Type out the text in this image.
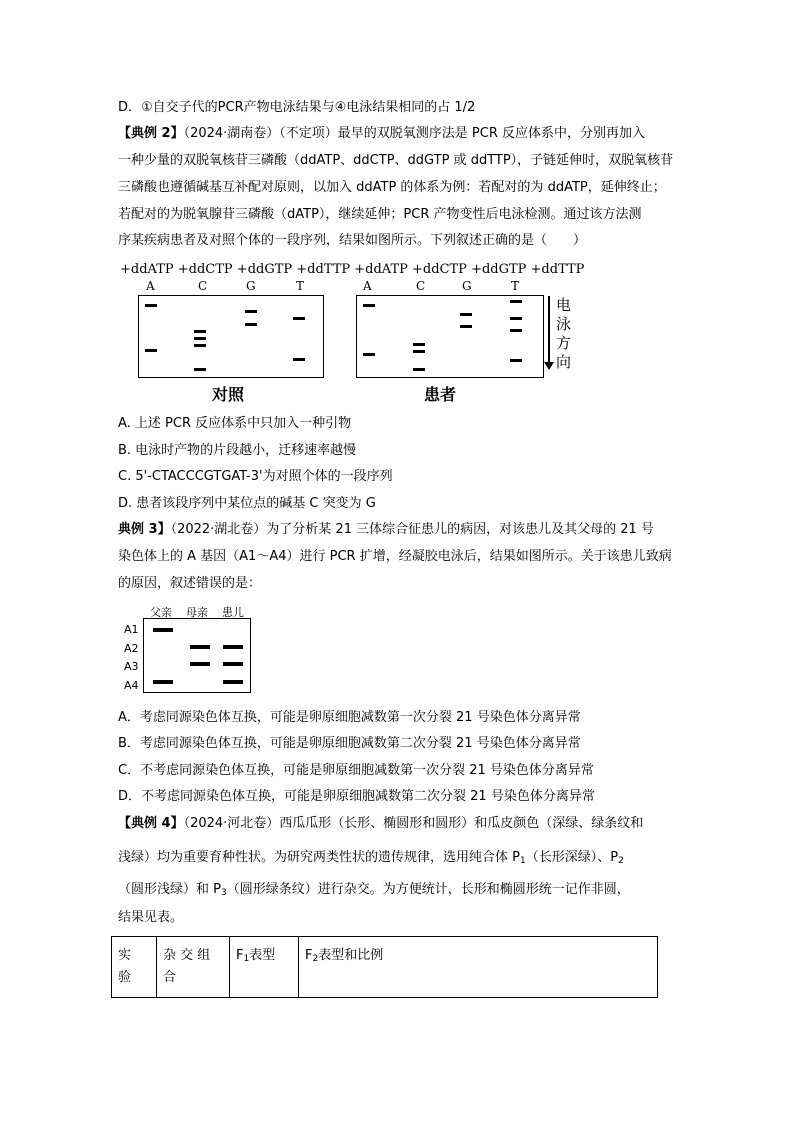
D．①自交子代的PCR产物电泳结果与④电泳结果相同的占 1/2
【典例 2】（2024·湖南卷）（不定项）最早的双脱氧测序法是 PCR 反应体系中，分别再加入
一种少量的双脱氧核苷三磷酸（ddATP、ddCTP、ddGTP 或 ddTTP），子链延伸时，双脱氧核苷
三磷酸也遵循碱基互补配对原则，以加入 ddATP 的体系为例：若配对的为 ddATP，延伸终止；
若配对的为脱氧腺苷三磷酸（dATP），继续延伸；PCR 产物变性后电泳检测。通过该方法测
序某疾病患者及对照个体的一段序列，结果如图所示。下列叙述正确的是（　　）
+ddATP +ddCTP +ddGTP +ddTTP +ddATP +ddCTP +ddGTP +ddTTP
A	C	G	T	A	C	G	T
电
泳
方
向
对照	患者
A. 上述 PCR 反应体系中只加入一种引物
B. 电泳时产物的片段越小，迁移速率越慢
C. 5'-CTACCCGTGAT-3'为对照个体的一段序列
D. 患者该段序列中某位点的碱基 C 突变为 G
典例 3】（2022·湖北卷）为了分析某 21 三体综合征患儿的病因，对该患儿及其父母的 21 号
染色体上的 A 基因（A1～A4）进行 PCR 扩增，经凝胶电泳后，结果如图所示。关于该患儿致病
的原因，叙述错误的是：
父亲 母亲 患儿
A1
A2
A3
A4
A．考虑同源染色体互换，可能是卵原细胞减数第一次分裂 21 号染色体分离异常
B．考虑同源染色体互换，可能是卵原细胞减数第二次分裂 21 号染色体分离异常
C．不考虑同源染色体互换，可能是卵原细胞减数第一次分裂 21 号染色体分离异常
D．不考虑同源染色体互换，可能是卵原细胞减数第二次分裂 21 号染色体分离异常
【典例 4】（2024·河北卷）西瓜瓜形（长形、椭圆形和圆形）和瓜皮颜色（深绿、绿条纹和
浅绿）均为重要育种性状。为研究两类性状的遗传规律，选用纯合体 $P_1$（长形深绿）、$P_2$
（圆形浅绿）和 $P_3$（圆形绿条纹）进行杂交。为方便统计，长形和椭圆形统一记作非圆，
结果见表。
实
验	杂 交 组
合	$F_1$表型	$F_2$表型和比例
